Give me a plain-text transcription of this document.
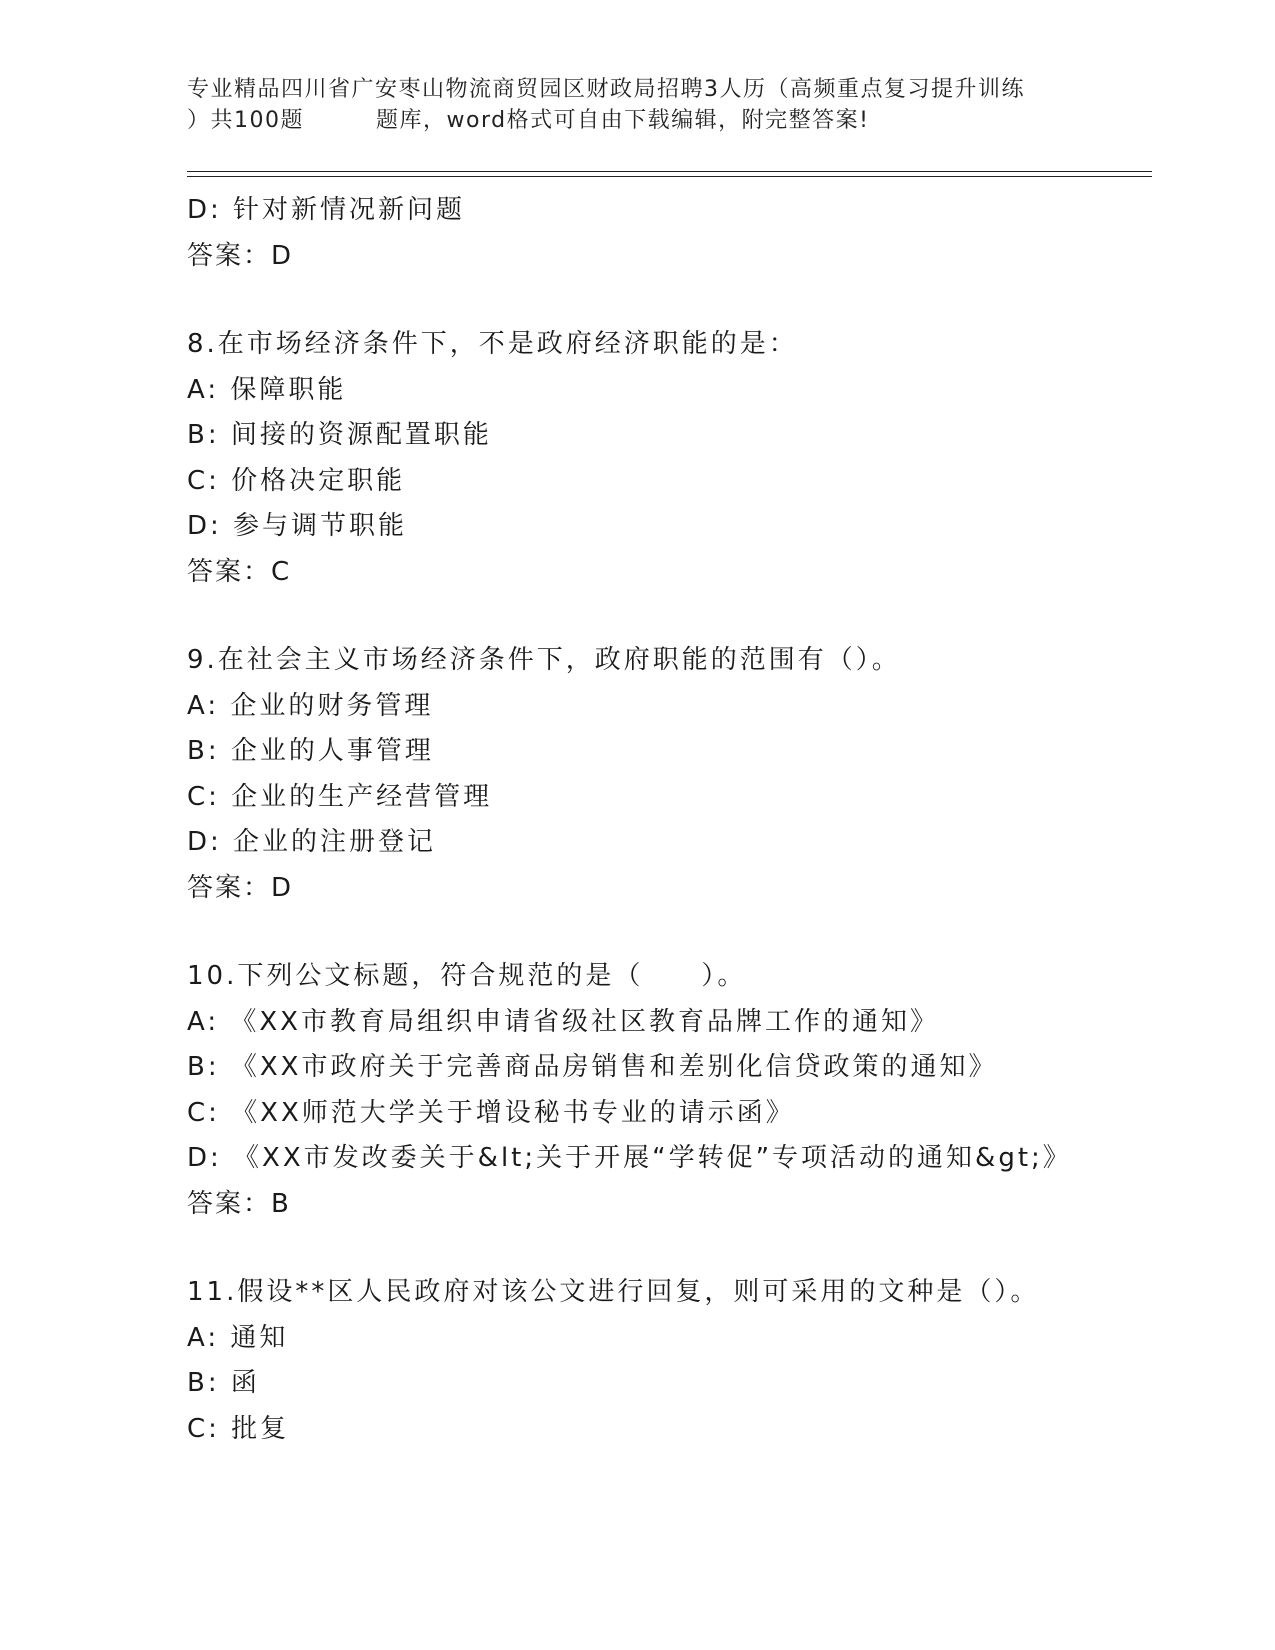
专业精品四川省广安枣山物流商贸园区财政局招聘3人历（高频重点复习提升训练
）共100题	题库，word格式可自由下载编辑，附完整答案!
D: 针对新情况新问题
答案：D
8.在市场经济条件下，不是政府经济职能的是：
A: 保障职能
B: 间接的资源配置职能
C: 价格决定职能
D: 参与调节职能
答案：C
9.在社会主义市场经济条件下，政府职能的范围有（）。
A: 企业的财务管理
B: 企业的人事管理
C: 企业的生产经营管理
D: 企业的注册登记
答案：D
10.下列公文标题，符合规范的是（　　）。
A: 《XX市教育局组织申请省级社区教育品牌工作的通知》
B: 《XX市政府关于完善商品房销售和差别化信贷政策的通知》
C: 《XX师范大学关于增设秘书专业的请示函》
D: 《XX市发改委关于&lt;关于开展“学转促”专项活动的通知&gt;》
答案：B
11.假设**区人民政府对该公文进行回复，则可采用的文种是（）。
A: 通知
B: 函
C: 批复
